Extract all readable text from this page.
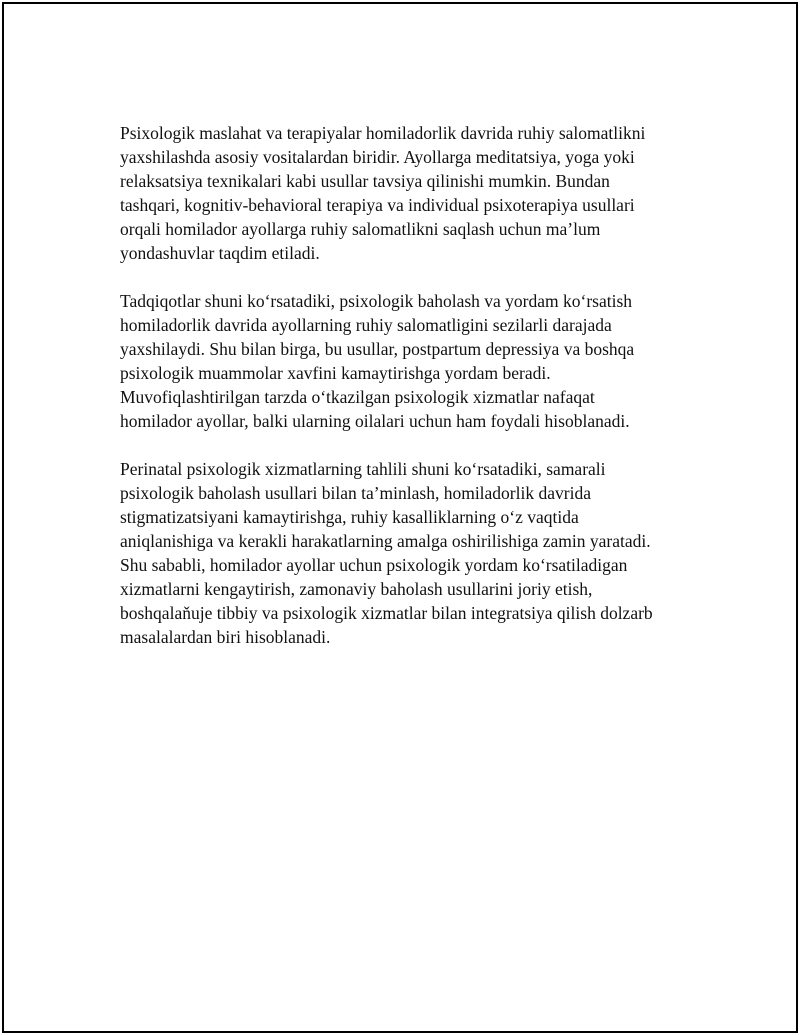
Psixologik maslahat va terapiyalar homiladorlik davrida ruhiy salomatlikni
yaxshilashda asosiy vositalardan biridir. Ayollarga meditatsiya, yoga yoki
relaksatsiya texnikalari kabi usullar tavsiya qilinishi mumkin. Bundan
tashqari, kognitiv-behavioral terapiya va individual psixoterapiya usullari
orqali homilador ayollarga ruhiy salomatlikni saqlash uchun ma’lum
yondashuvlar taqdim etiladi.

Tadqiqotlar shuni ko‘rsatadiki, psixologik baholash va yordam ko‘rsatish
homiladorlik davrida ayollarning ruhiy salomatligini sezilarli darajada
yaxshilaydi. Shu bilan birga, bu usullar, postpartum depressiya va boshqa
psixologik muammolar xavfini kamaytirishga yordam beradi.
Muvofiqlashtirilgan tarzda o‘tkazilgan psixologik xizmatlar nafaqat
homilador ayollar, balki ularning oilalari uchun ham foydali hisoblanadi.

Perinatal psixologik xizmatlarning tahlili shuni ko‘rsatadiki, samarali
psixologik baholash usullari bilan ta’minlash, homiladorlik davrida
stigmatizatsiyani kamaytirishga, ruhiy kasalliklarning o‘z vaqtida
aniqlanishiga va kerakli harakatlarning amalga oshirilishiga zamin yaratadi.
Shu sababli, homilador ayollar uchun psixologik yordam ko‘rsatiladigan
xizmatlarni kengaytirish, zamonaviy baholash usullarini joriy etish,
boshqalaňuje tibbiy va psixologik xizmatlar bilan integratsiya qilish dolzarb
masalalardan biri hisoblanadi.
